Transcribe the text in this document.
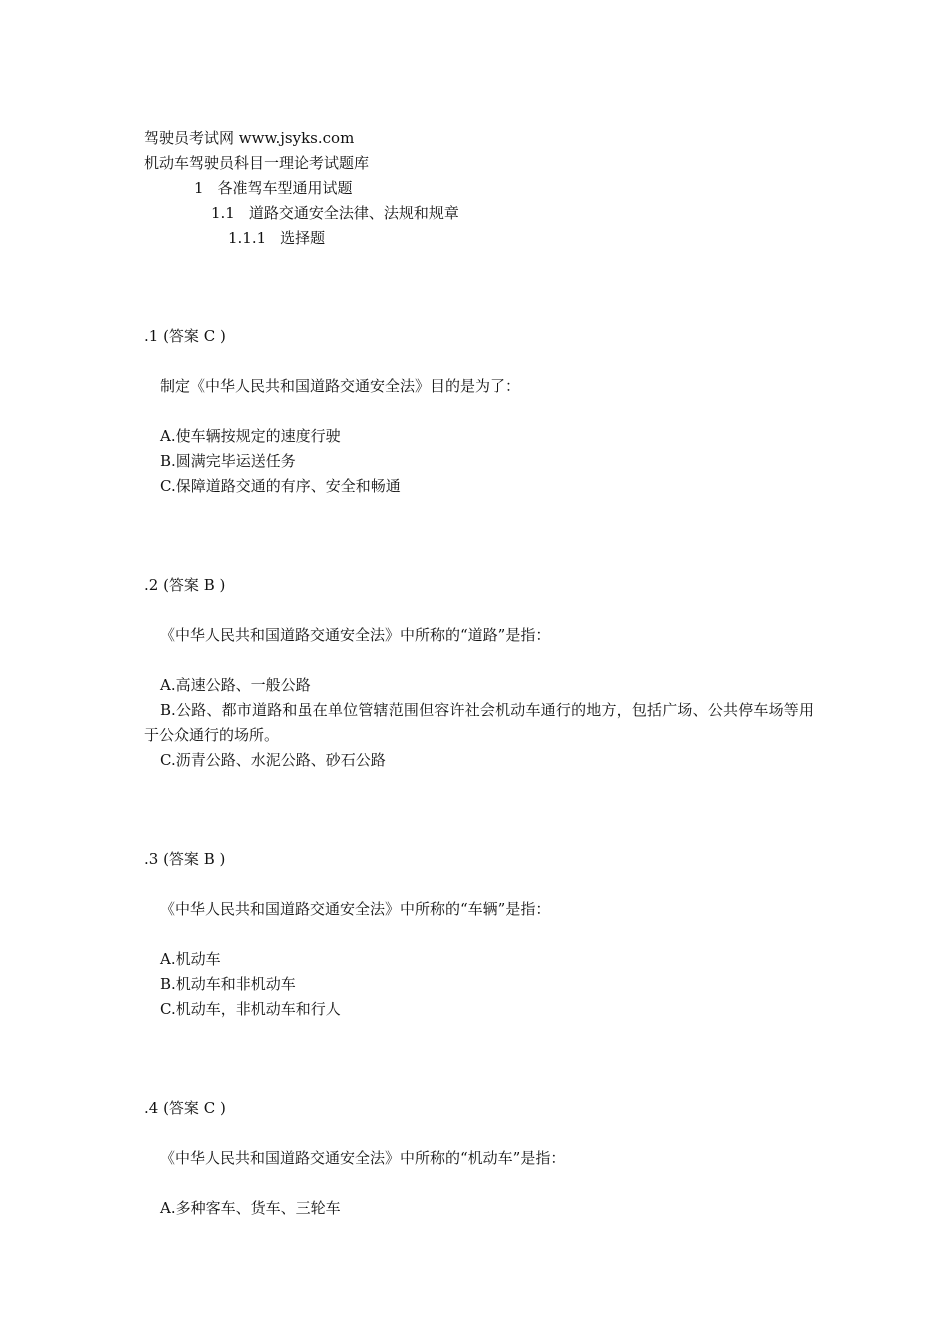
驾驶员考试网 www.jsyks.com
机动车驾驶员科目一理论考试题库
1 各准驾车型通用试题
1.1 道路交通安全法律、法规和规章
1.1.1 选择题
.1 (答案 C )
制定《中华人民共和国道路交通安全法》目的是为了：
A.使车辆按规定的速度行驶
B.圆满完毕运送任务
C.保障道路交通的有序、安全和畅通
.2 (答案 B )
《中华人民共和国道路交通安全法》中所称的“道路”是指：
A.高速公路、一般公路
B.公路、都市道路和虽在单位管辖范围但容许社会机动车通行的地方，包括广场、公共停车场等用于公众通行的场所。
C.沥青公路、水泥公路、砂石公路
.3 (答案 B )
《中华人民共和国道路交通安全法》中所称的“车辆”是指：
A.机动车
B.机动车和非机动车
C.机动车，非机动车和行人
.4 (答案 C )
《中华人民共和国道路交通安全法》中所称的“机动车”是指：
A.多种客车、货车、三轮车
